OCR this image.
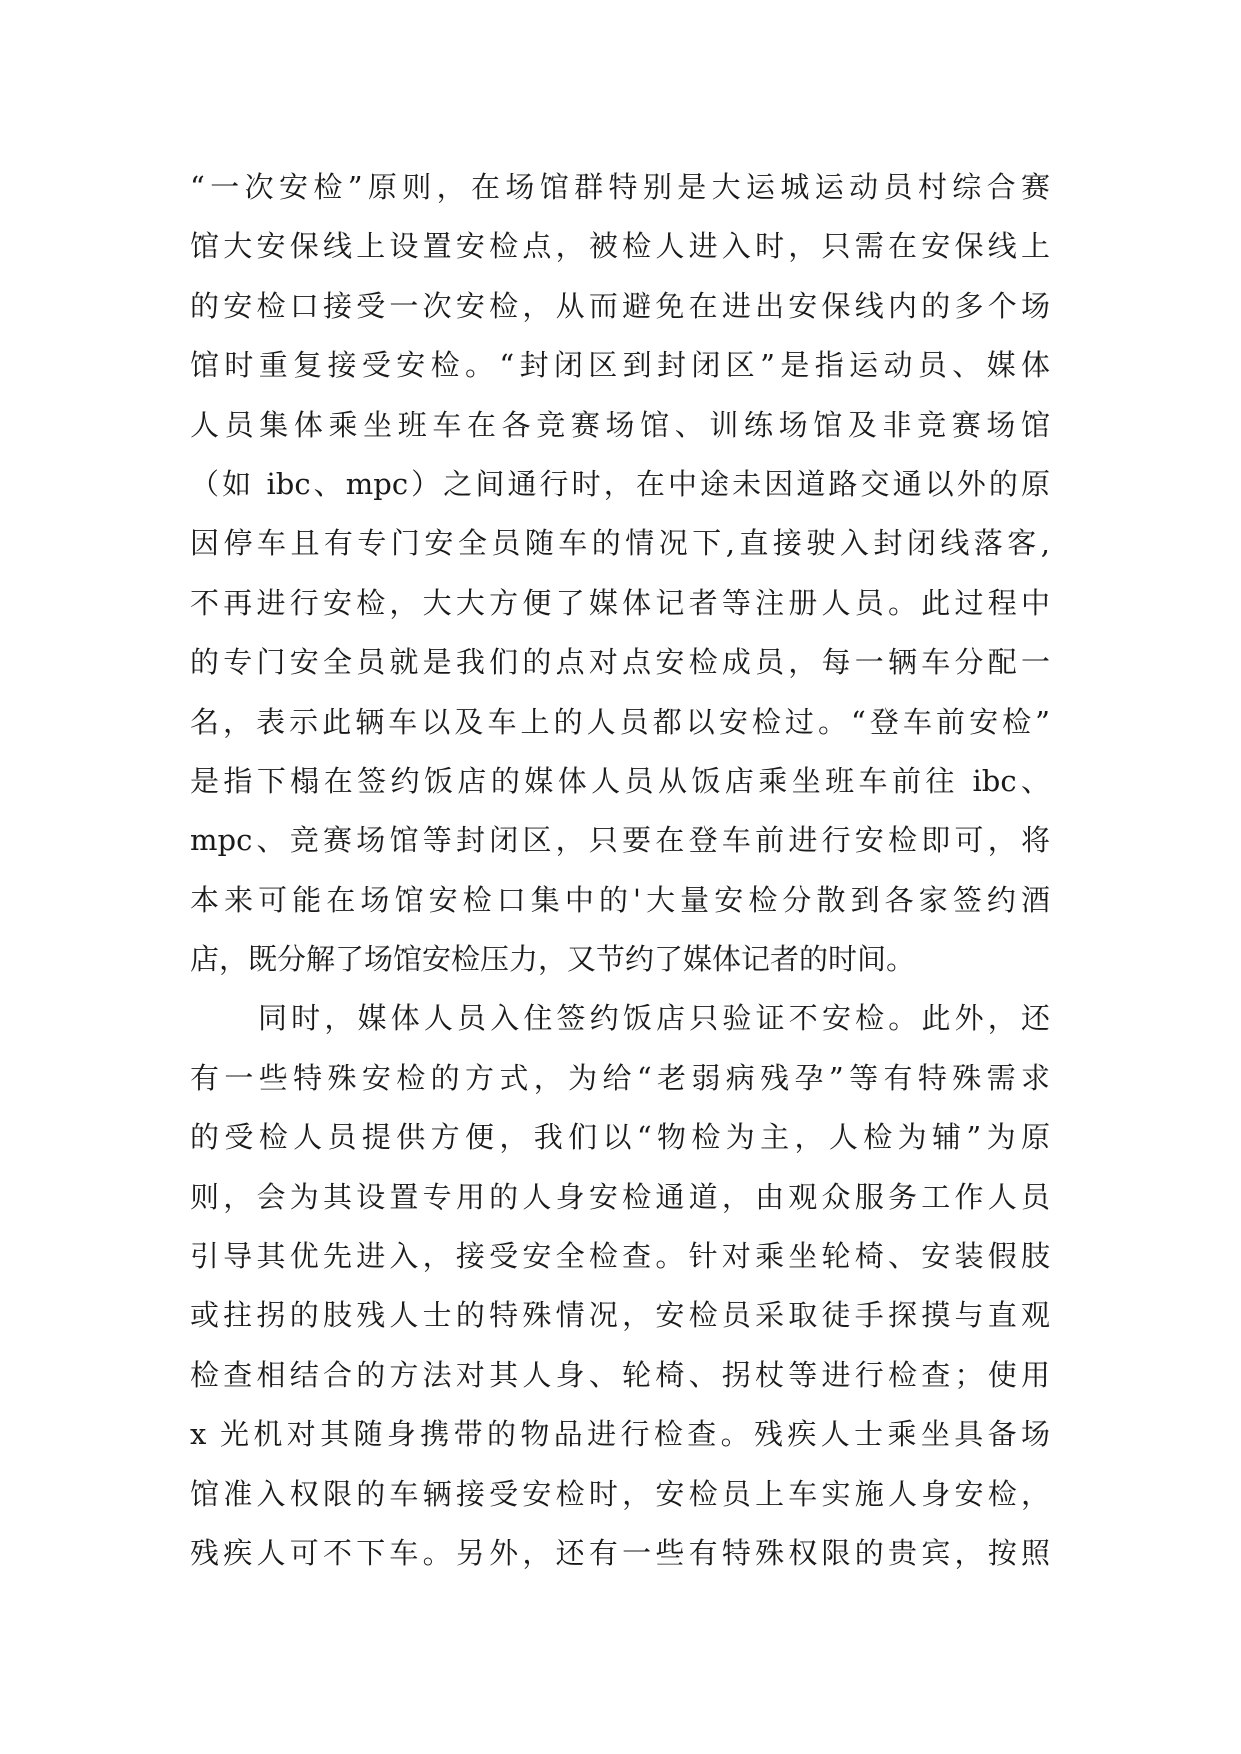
“一次安检”原则，在场馆群特别是大运城运动员村综合赛
馆大安保线上设置安检点，被检人进入时，只需在安保线上
的安检口接受一次安检，从而避免在进出安保线内的多个场
馆时重复接受安检。“封闭区到封闭区”是指运动员、媒体
人员集体乘坐班车在各竞赛场馆、训练场馆及非竞赛场馆
（如 ibc、mpc）之间通行时，在中途未因道路交通以外的原
因停车且有专门安全员随车的情况下,直接驶入封闭线落客,
不再进行安检，大大方便了媒体记者等注册人员。此过程中
的专门安全员就是我们的点对点安检成员，每一辆车分配一
名，表示此辆车以及车上的人员都以安检过。“登车前安检”
是指下榻在签约饭店的媒体人员从饭店乘坐班车前往 ibc、
mpc、竞赛场馆等封闭区，只要在登车前进行安检即可，将
本来可能在场馆安检口集中的'大量安检分散到各家签约酒
店，既分解了场馆安检压力，又节约了媒体记者的时间。
同时，媒体人员入住签约饭店只验证不安检。此外，还
有一些特殊安检的方式，为给“老弱病残孕”等有特殊需求
的受检人员提供方便，我们以“物检为主，人检为辅”为原
则，会为其设置专用的人身安检通道，由观众服务工作人员
引导其优先进入，接受安全检查。针对乘坐轮椅、安装假肢
或拄拐的肢残人士的特殊情况，安检员采取徒手探摸与直观
检查相结合的方法对其人身、轮椅、拐杖等进行检查；使用
x 光机对其随身携带的物品进行检查。残疾人士乘坐具备场
馆准入权限的车辆接受安检时，安检员上车实施人身安检，
残疾人可不下车。另外，还有一些有特殊权限的贵宾，按照
